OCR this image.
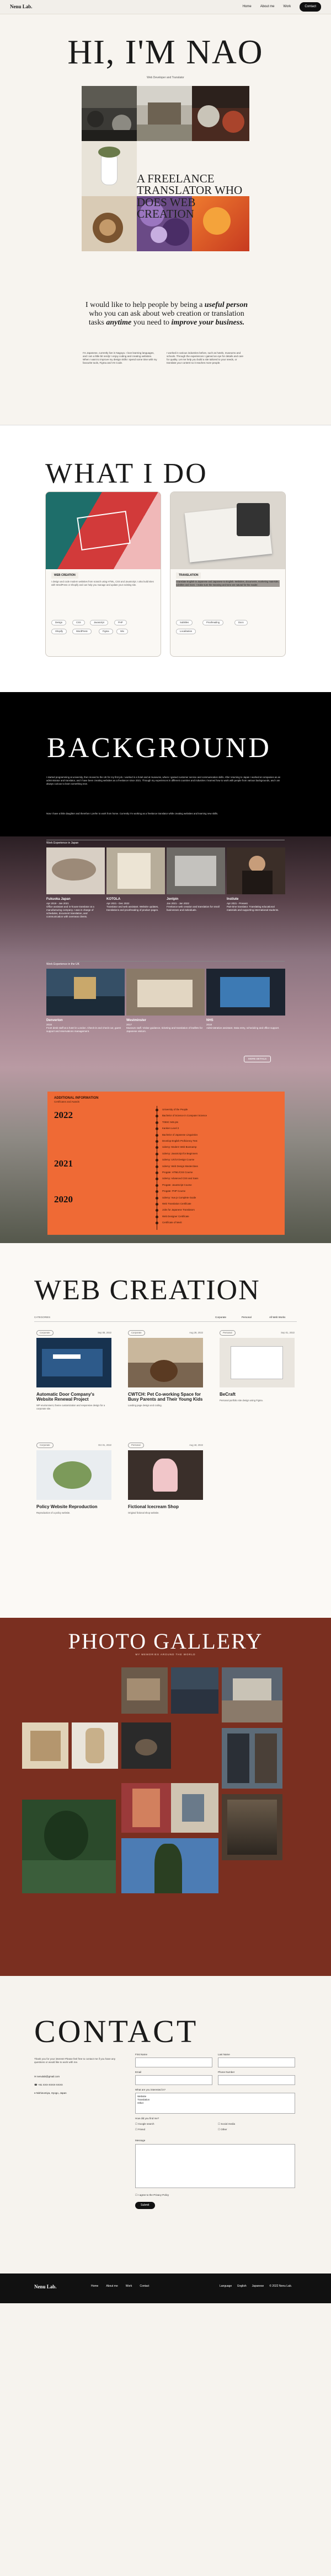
Nenu Lab.	Home	About me	Work	Contact
HI, I'M NAO
Web Developer and Translator
A FREELANCE TRANSLATOR WHO DOES WEB CREATION
I would like to help people by being a useful person who you can ask about web creation or translation tasks anytime you need to improve your business.

I'm Japanese, currently live in Nagoya. I love learning languages, and I am a little bit nerdy! I enjoy coding and creating websites. When I want to improve my design skills I spend some time with my favourite tools, Figma and VS Code.

I worked in various industries before, such as hotels, museums and schools. Through the experiences I gained an eye for details and care for quality. Let me help you build a site tailored to your needs, or translate your content so it reaches more people.

WHAT I DO
WEB CREATION

I design and code modern websites from scratch using HTML, CSS and JavaScript. I also build sites with WordPress or Shopify and can help you manage and update your existing site.

Design	CSS	Javascript	PHP
Shopify	WordPress	Figma	Wix
TRANSLATION

I translate English to Japanese and Japanese to English. Websites, documents, marketing materials, subtitles and more. I make sure the meaning and tone are natural for the reader.

Subtitles	Proofreading	Docs
Localization
BACKGROUND

I started programming at university, then moved to the UK for my first job. I worked in a hotel and at museums, where I gained customer service and communication skills. After returning to Japan I worked at companies as an administrator and translator, and I have been creating websites as a freelancer since 2021. Through my experiences in different countries and industries I learned how to work with people from various backgrounds, and I am always curious to learn something new.

Now I have a little daughter and therefore I prefer to work from home. Currently I'm working as a freelance translator while creating websites and learning new skills.

Work Experience in Japan
Fukuoka Japan
Apr 2019 - Jan 2021

Office assistant and in-house translator at a manufacturing company. I was in charge of schedules, document translation, and communication with overseas clients.

KOTOLA
Apr 2021 - Dec 2022

Translator and web assistant. Website updates, translations and proofreading of product pages.

Jentpin
Jan 2021 - Jan 2022

Freelance web creation and translation for small businesses and individuals.

Instiute
Apr 2021 - Present

Part-time translator. Translating educational materials and supporting international students.

Work Experience in the UK
Denverton
2016

Front desk staff at a hotel in London. Check-in and check-out, guest support and reservations management.

Westminster
2017

Museum staff. Visitor guidance, ticketing and translation of leaflets for Japanese visitors.

NHS
2018

Administrative assistant. Data entry, scheduling and office support.

MORE DETAILS
ADDITIONAL INFORMATION
Certificates and Awards
2022
2021
2020
University of the People
Bachelor of Science in Computer Science
TOEIC 945 pts
Kanken Level 2
Bachelor of Japanese Linguistics
Develop English Proficiency Test
Udemy: Modern Web Bootcamp
Udemy: JavaScript for Beginners
Udemy: UX/UI Design Course
Udemy: Web Design Masterclass
Progate: HTML/CSS Course
Udemy: Advanced CSS and Sass
Progate: JavaScript Course
Progate: PHP Course
Udemy: Vue.js Complete Guide
Web Translation Certificate
Jobs for Japanese Translators
Web Designer Certificate
Certificate of Merit
WEB CREATION
CATEGORIES	Corporate	Personal	All Web Works
Corporate	Sep 08, 2022
Automatic Door Company's Website Renewal Project

WP environment, theme customization and responsive design for a corporate site.

Corporate	Aug 28, 2022
CWTCH: Pet Co-working Space for Busy Parents and Their Young Kids

Landing page design and coding.

Personal	Sep 01, 2022
BeCraft

Personal portfolio site design using Figma.

Corporate	Oct 01, 2022
Policy Website Reproduction

Reproduction of a policy website.

Personal	Aug 18, 2022
Fictional Icecream Shop

Original fictional shop website.

PHOTO GALLERY
MY MEMORIES AROUND THE WORLD
CONTACT

Thank you for your interest! Please feel free to contact me if you have any questions or would like to work with me.

✉ nenulab@gmail.com
☎ +81 XXX-XXXX-XXXX
⌖ Nishinomiya, Hyogo, Japan
First Name	Last Name
Email	Phone Number
What are you interested in?
Website
Translation
Other
How did you find me?
☐ Google search	☐ Social media
☐ Friend	☐ Other
Message
☐ I agree to the Privacy Policy
Submit
Nenu Lab.	Home	About me	Work	Contact	Language English Japanese © 2022 Nenu Lab.
